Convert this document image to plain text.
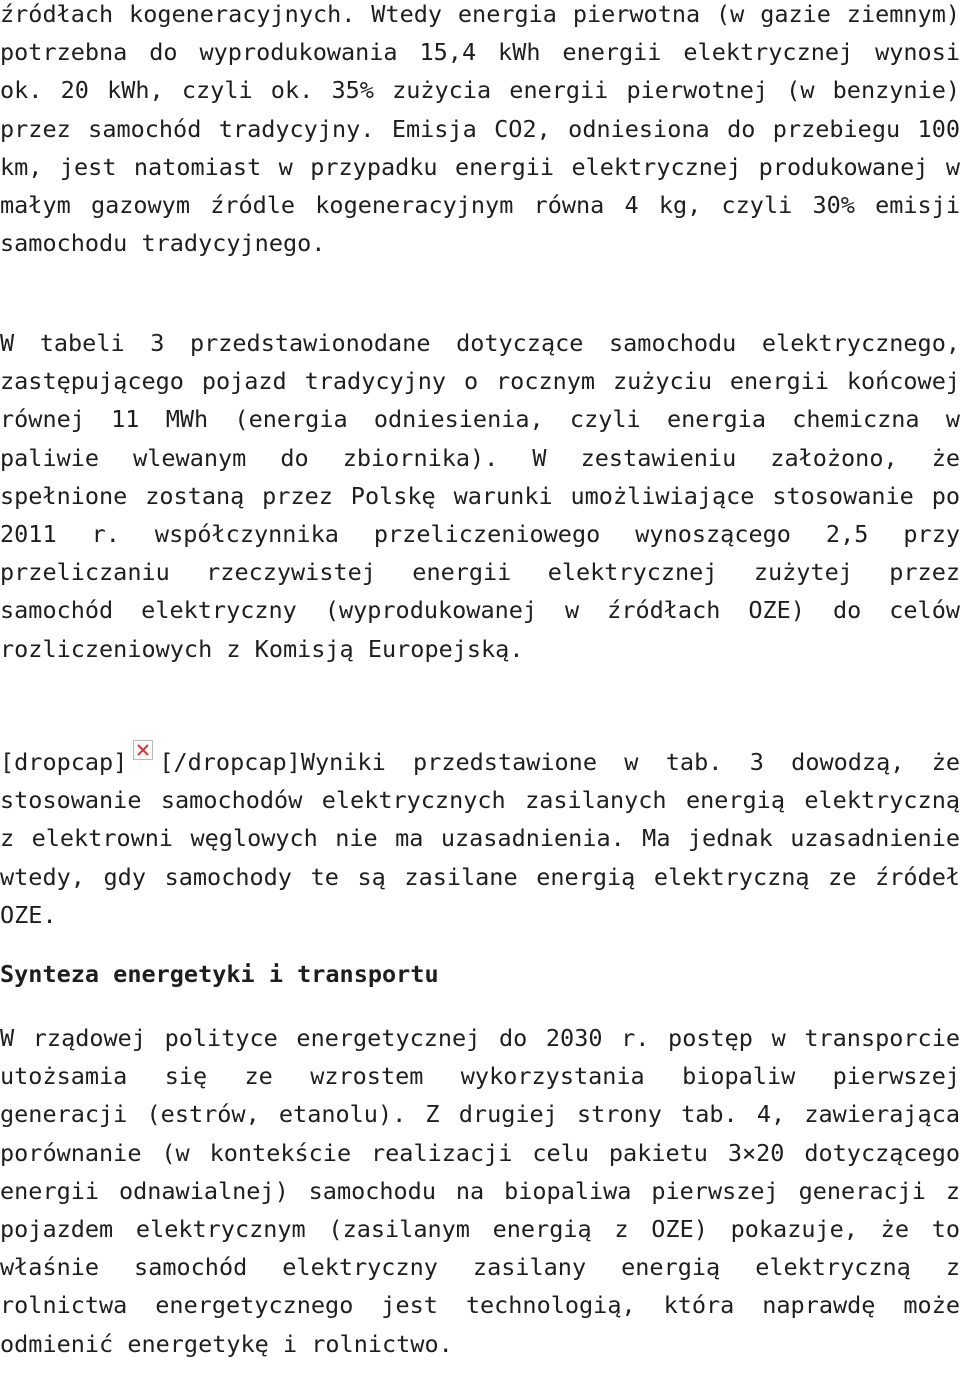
źródłach kogeneracyjnych. Wtedy energia pierwotna (w gazie ziemnym) potrzebna do wyprodukowania 15,4 kWh energii elektrycznej wynosi ok. 20 kWh, czyli ok. 35% zużycia energii pierwotnej (w benzynie) przez samochód tradycyjny. Emisja CO2, odniesiona do przebiegu 100 km, jest natomiast w przypadku energii elektrycznej produkowanej w małym gazowym źródle kogeneracyjnym równa 4 kg, czyli 30% emisji samochodu tradycyjnego.

W tabeli 3 przedstawionodane dotyczące samochodu elektrycznego, zastępującego pojazd tradycyjny o rocznym zużyciu energii końcowej równej 11 MWh (energia odniesienia, czyli energia chemiczna w paliwie wlewanym do zbiornika). W zestawieniu założono, że spełnione zostaną przez Polskę warunki umożliwiające stosowanie po 2011 r. współczynnika przeliczeniowego wynoszącego 2,5 przy przeliczaniu rzeczywistej energii elektrycznej zużytej przez samochód elektryczny (wyprodukowanej w źródłach OZE) do celów rozliczeniowych z Komisją Europejską.

[dropcap] [/dropcap]Wyniki przedstawione w tab. 3 dowodzą, że stosowanie samochodów elektrycznych zasilanych energią elektryczną z elektrowni węglowych nie ma uzasadnienia. Ma jednak uzasadnienie wtedy, gdy samochody te są zasilane energią elektryczną ze źródeł OZE.

Synteza energetyki i transportu

W rządowej polityce energetycznej do 2030 r. postęp w transporcie utożsamia się ze wzrostem wykorzystania biopaliw pierwszej generacji (estrów, etanolu). Z drugiej strony tab. 4, zawierająca porównanie (w kontekście realizacji celu pakietu 3×20 dotyczącego energii odnawialnej) samochodu na biopaliwa pierwszej generacji z pojazdem elektrycznym (zasilanym energią z OZE) pokazuje, że to właśnie samochód elektryczny zasilany energią elektryczną z rolnictwa energetycznego jest technologią, która naprawdę może odmienić energetykę i rolnictwo.
